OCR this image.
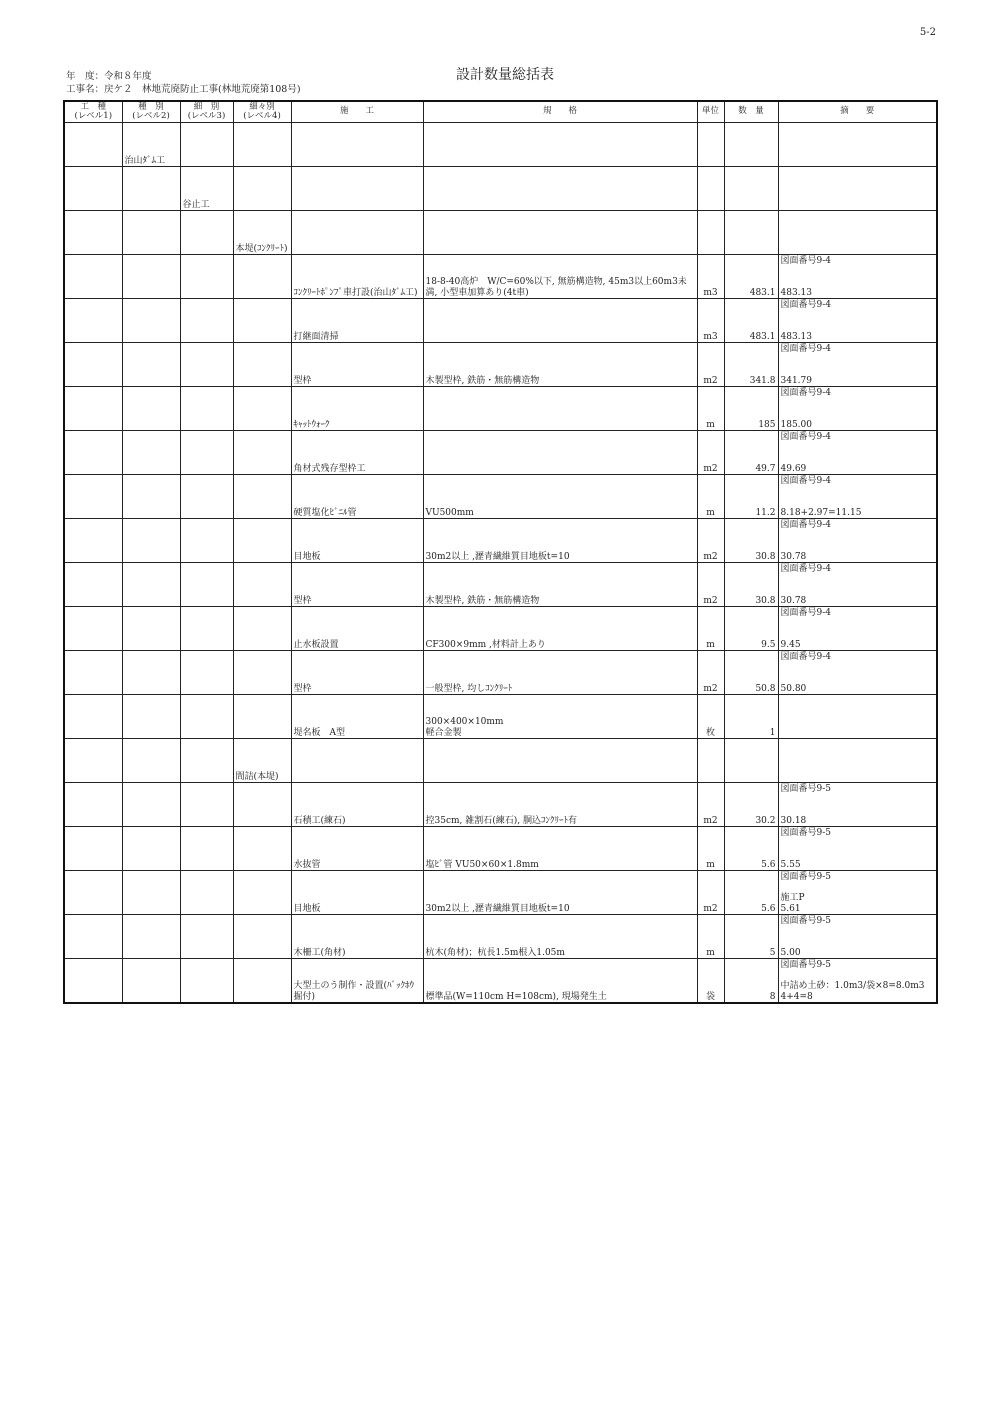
5-2
年　度：令和８年度
工事名：戻ケ２　林地荒廃防止工事(林地荒廃第108号)
設計数量総括表
工　種
(レベル1)	種　別
(レベル2)	細　別
(レベル3)	細々別
(レベル4)	施　　工	規　　格	単位	数　量	摘　　要
	治山ﾀﾞﾑ工							

		谷止工						

			本堤(ｺﾝｸﾘｰﾄ)					

				ｺﾝｸﾘｰﾄﾎﾟﾝﾌﾟ車打設(治山ﾀﾞﾑ工)	18-8-40高炉　W/C=60%以下, 無筋構造物, 45m3以上60m3未満, 小型車加算あり(4t車)	m3	483.1	図面番号9-4
483.13

				打継面清掃		m3	483.1	図面番号9-4
483.13

				型枠	木製型枠, 鉄筋・無筋構造物	m2	341.8	図面番号9-4
341.79

				ｷｬｯﾄｳｫｰｸ		m	185	図面番号9-4
185.00

				角材式残存型枠工		m2	49.7	図面番号9-4
49.69

				硬質塩化ﾋﾞﾆﾙ管	VU500mm	m	11.2	図面番号9-4
8.18+2.97=11.15

				目地板	30m2以上 ,瀝青繊維質目地板t=10	m2	30.8	図面番号9-4
30.78

				型枠	木製型枠, 鉄筋・無筋構造物	m2	30.8	図面番号9-4
30.78

				止水板設置	CF300×9mm ,材料計上あり	m	9.5	図面番号9-4
9.45

				型枠	一般型枠, 均しｺﾝｸﾘｰﾄ	m2	50.8	図面番号9-4
50.80

				堤名板　A型	300×400×10mm
軽合金製	枚	1	

			間詰(本堤)					

				石積工(練石)	控35cm, 雑割石(練石), 胴込ｺﾝｸﾘｰﾄ有	m2	30.2	図面番号9-5
30.18

				水抜管	塩ﾋﾞ管 VU50×60×1.8mm	m	5.6	図面番号9-5
5.55

				目地板	30m2以上 ,瀝青繊維質目地板t=10	m2	5.6	図面番号9-5
施工P
5.61

				木柵工(角材)	杭木(角材)；杭長1.5m根入1.05m	m	5	図面番号9-5
5.00

				大型土のう制作・設置(ﾊﾞｯｸﾎｳ掘付)	標準品(W=110cm H=108cm), 現場発生土	袋	8	図面番号9-5
中詰め土砂：1.0m3/袋×8=8.0m3
4+4=8
